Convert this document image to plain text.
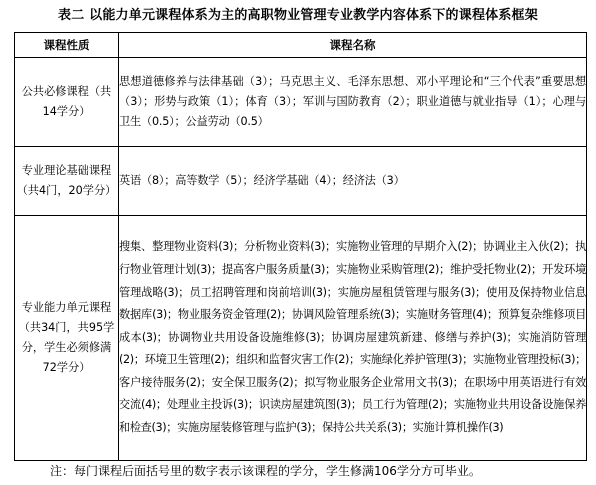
表二 以能力单元课程体系为主的高职物业管理专业教学内容体系下的课程体系框架
课程性质	课程名称
公共必修课程（共14学分）	思想道德修养与法律基础（3）；马克思主义、毛泽东思想、邓小平理论和“三个代表”重要思想（3）；形势与政策（1）；体育（3）；军训与国防教育（2）；职业道德与就业指导（1）；心理与卫生（0.5）；公益劳动（0.5）
专业理论基础课程（共4门，20学分）	英语（8）；高等数学（5）；经济学基础（4）；经济法（3）
专业能力单元课程（共34门，共95学分，学生必须修满72学分）	搜集、整理物业资料(3)；分析物业资料(3)；实施物业管理的早期介入(2)；协调业主入伙(2)；执行物业管理计划(3)；提高客户服务质量(3)；实施物业采购管理(2)；维护受托物业(2)；开发环境管理战略(3)；员工招聘管理和岗前培训(3)；实施房屋租赁管理与服务(3)；使用及保持物业信息数据库(3)；物业服务资金管理(2)；协调风险管理系统(3)；实施财务管理(4)；预算复杂维修项目成本(3)；协调物业共用设备设施维修(3)；协调房屋建筑新建、修缮与养护(3)；实施消防管理(2)；环境卫生管理(2)；组织和监督灾害工作(2)；实施绿化养护管理(3)；实施物业管理投标(3)；客户接待服务(2)；安全保卫服务(2)；拟写物业服务企业常用文书(3)；在职场中用英语进行有效交流(4)；处理业主投诉(3)；识读房屋建筑图(3)；员工行为管理(2)；实施物业共用设备设施保养和检查(3)；实施房屋装修管理与监护(3)；保持公共关系(3)；实施计算机操作(3)
注：每门课程后面括号里的数字表示该课程的学分，学生修满106学分方可毕业。
